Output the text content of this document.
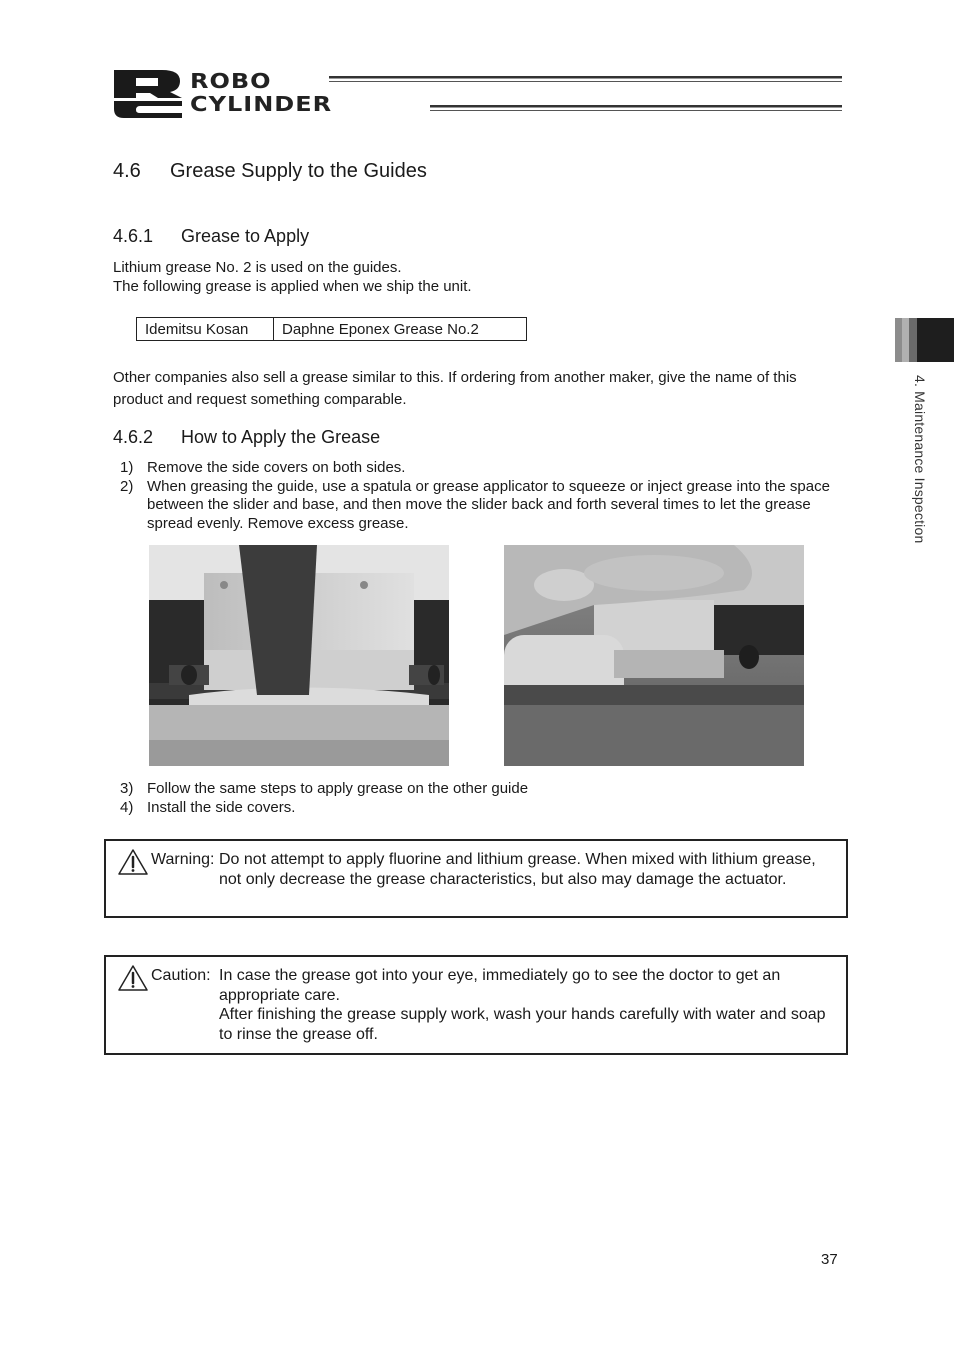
ROBO
CYLINDER
4.6 Grease Supply to the Guides
4.6.1 Grease to Apply
Lithium grease No. 2 is used on the guides.
The following grease is applied when we ship the unit.
Idemitsu Kosan	Daphne Eponex Grease No.2
Other companies also sell a grease similar to this. If ordering from another maker, give the name of this
product and request something comparable.
4.6.2 How to Apply the Grease
1) Remove the side covers on both sides.
2) When greasing the guide, use a spatula or grease applicator to squeeze or inject grease into the space between the slider and base, and then move the slider back and forth several times to let the grease spread evenly. Remove excess grease.
3) Follow the same steps to apply grease on the other guide
4) Install the side covers.
Warning: Do not attempt to apply fluorine and lithium grease. When mixed with lithium grease, not only decrease the grease characteristics, but also may damage the actuator.
Caution: In case the grease got into your eye, immediately go to see the doctor to get an appropriate care.
After finishing the grease supply work, wash your hands carefully with water and soap to rinse the grease off.
4. Maintenance Inspection
37
